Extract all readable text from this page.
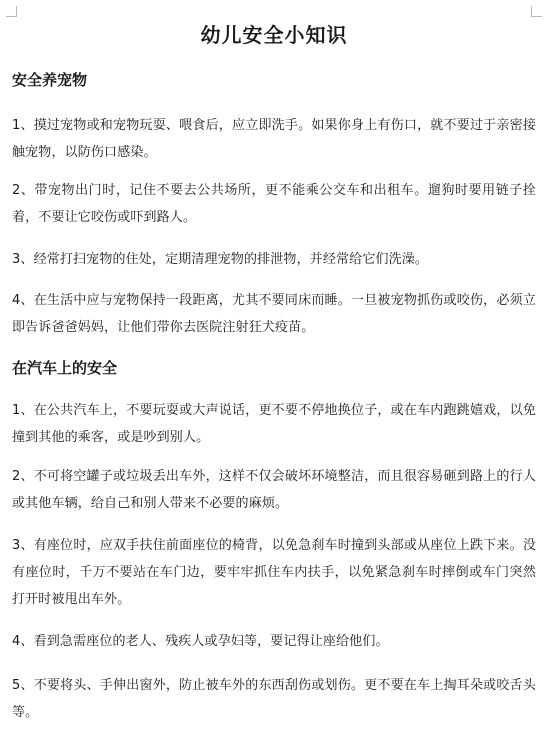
幼儿安全小知识
安全养宠物
1、摸过宠物或和宠物玩耍、喂食后，应立即洗手。如果你身上有伤口，就不要过于亲密接触宠物，以防伤口感染。
2、带宠物出门时，记住不要去公共场所，更不能乘公交车和出租车。遛狗时要用链子拴着，不要让它咬伤或吓到路人。
3、经常打扫宠物的住处，定期清理宠物的排泄物，并经常给它们洗澡。
4、在生活中应与宠物保持一段距离，尤其不要同床而睡。一旦被宠物抓伤或咬伤，必须立即告诉爸爸妈妈，让他们带你去医院注射狂犬疫苗。
在汽车上的安全
1、在公共汽车上，不要玩耍或大声说话，更不要不停地换位子，或在车内跑跳嬉戏，以免撞到其他的乘客，或是吵到别人。
2、不可将空罐子或垃圾丢出车外，这样不仅会破坏环境整洁，而且很容易砸到路上的行人或其他车辆，给自己和别人带来不必要的麻烦。
3、有座位时，应双手扶住前面座位的椅背，以免急刹车时撞到头部或从座位上跌下来。没有座位时，千万不要站在车门边，要牢牢抓住车内扶手，以免紧急刹车时摔倒或车门突然打开时被甩出车外。
4、看到急需座位的老人、残疾人或孕妇等，要记得让座给他们。
5、不要将头、手伸出窗外，防止被车外的东西刮伤或划伤。更不要在车上掏耳朵或咬舌头等。
